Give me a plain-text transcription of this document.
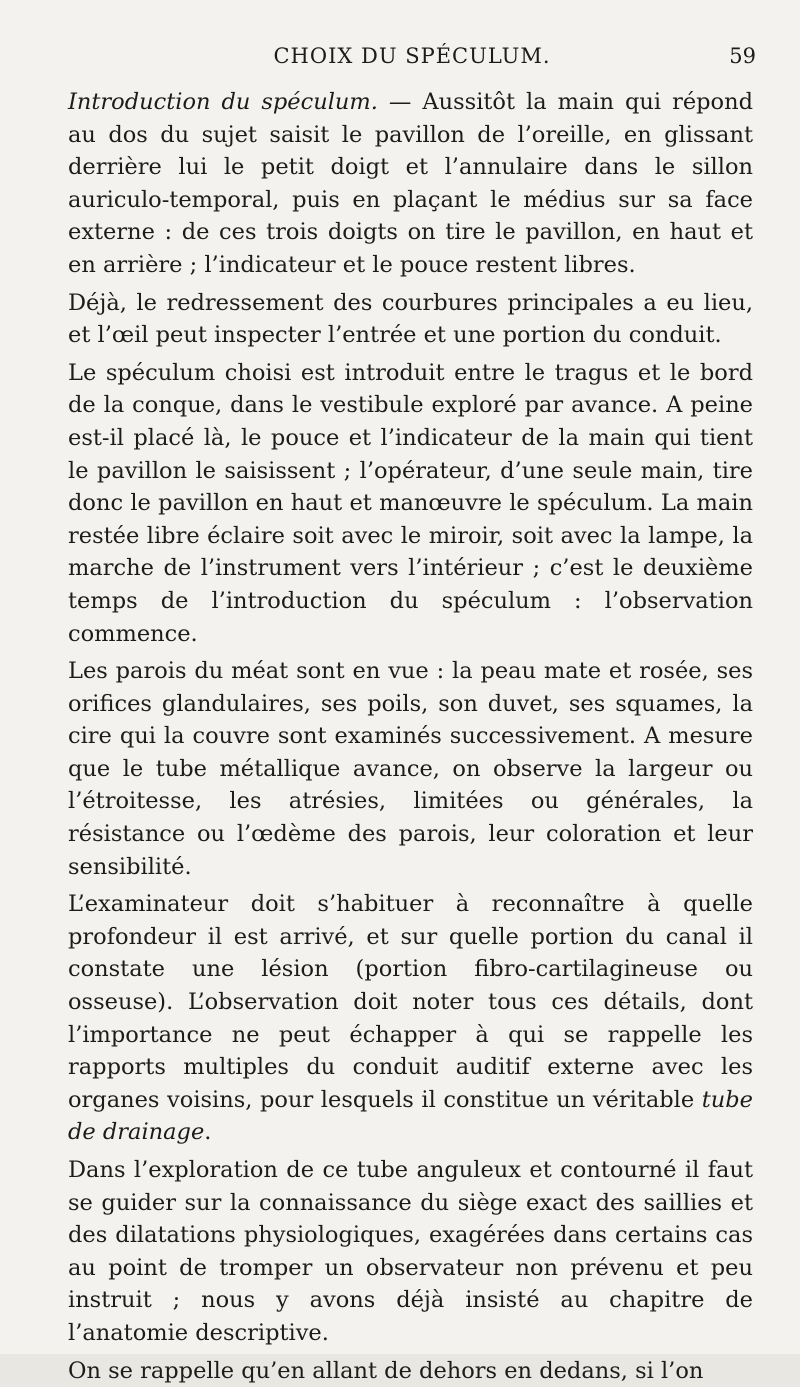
CHOIX DU SPÉCULUM.	59

Introduction du spéculum. — Aussitôt la main qui répond au dos du sujet saisit le pavillon de l’oreille, en glissant derrière lui le petit doigt et l’annulaire dans le sillon auriculo-temporal, puis en plaçant le médius sur sa face externe : de ces trois doigts on tire le pavillon, en haut et en arrière ; l’indicateur et le pouce restent libres.

Déjà, le redressement des courbures principales a eu lieu, et l’œil peut inspecter l’entrée et une portion du conduit.

Le spéculum choisi est introduit entre le tragus et le bord de la conque, dans le vestibule exploré par avance. A peine est-il placé là, le pouce et l’indicateur de la main qui tient le pavillon le saisissent ; l’opérateur, d’une seule main, tire donc le pavillon en haut et manœuvre le spéculum. La main restée libre éclaire soit avec le miroir, soit avec la lampe, la marche de l’instrument vers l’intérieur ; c’est le deuxième temps de l’introduction du spéculum : l’observation commence.

Les parois du méat sont en vue : la peau mate et rosée, ses orifices glandulaires, ses poils, son duvet, ses squames, la cire qui la couvre sont examinés successivement. A mesure que le tube métallique avance, on observe la largeur ou l’étroitesse, les atrésies, limitées ou générales, la résistance ou l’œdème des parois, leur coloration et leur sensibilité.

L’examinateur doit s’habituer à reconnaître à quelle profondeur il est arrivé, et sur quelle portion du canal il constate une lésion (portion fibro-cartilagineuse ou osseuse). L’observation doit noter tous ces détails, dont l’importance ne peut échapper à qui se rappelle les rapports multiples du conduit auditif externe avec les organes voisins, pour lesquels il constitue un véritable tube de drainage.

Dans l’exploration de ce tube anguleux et contourné il faut se guider sur la connaissance du siège exact des saillies et des dilatations physiologiques, exagérées dans certains cas au point de tromper un observateur non prévenu et peu instruit ; nous y avons déjà insisté au chapitre de l’anatomie descriptive.

On se rappelle qu’en allant de dehors en dedans, si l’on
